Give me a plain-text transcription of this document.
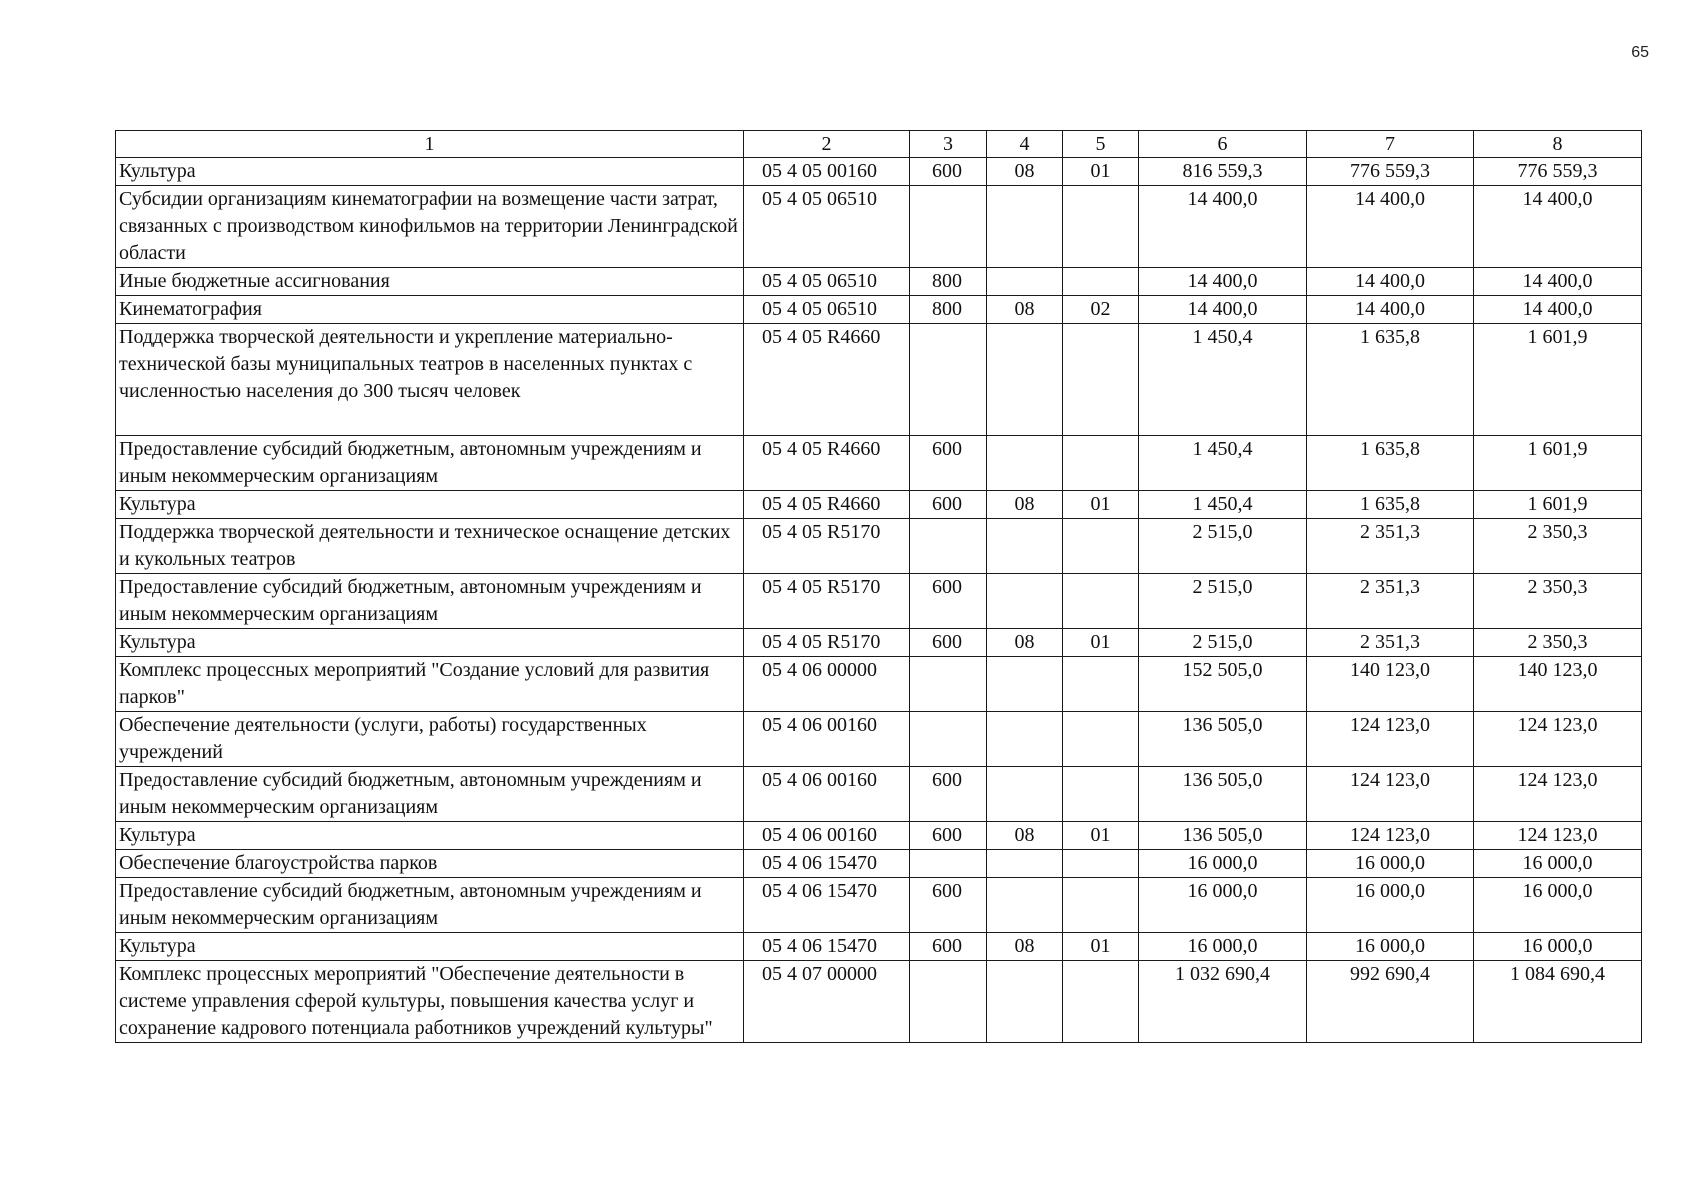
65
1	2	3	4	5	6	7	8
Культура	05 4 05 00160	600	08	01	816 559,3	776 559,3	776 559,3
Субсидии организациям кинематографии на возмещение части затрат, связанных с производством кинофильмов на территории Ленинградской области	05 4 05 06510				14 400,0	14 400,0	14 400,0
Иные бюджетные ассигнования	05 4 05 06510	800			14 400,0	14 400,0	14 400,0
Кинематография	05 4 05 06510	800	08	02	14 400,0	14 400,0	14 400,0
Поддержка творческой деятельности и укрепление материально-технической базы муниципальных театров в населенных пунктах с численностью населения до 300 тысяч человек	05 4 05 R4660				1 450,4	1 635,8	1 601,9
Предоставление субсидий бюджетным, автономным учреждениям и иным некоммерческим организациям	05 4 05 R4660	600			1 450,4	1 635,8	1 601,9
Культура	05 4 05 R4660	600	08	01	1 450,4	1 635,8	1 601,9
Поддержка творческой деятельности и техническое оснащение детских и кукольных театров	05 4 05 R5170				2 515,0	2 351,3	2 350,3
Предоставление субсидий бюджетным, автономным учреждениям и иным некоммерческим организациям	05 4 05 R5170	600			2 515,0	2 351,3	2 350,3
Культура	05 4 05 R5170	600	08	01	2 515,0	2 351,3	2 350,3
Комплекс процессных мероприятий "Создание условий для развития парков"	05 4 06 00000				152 505,0	140 123,0	140 123,0
Обеспечение деятельности (услуги, работы) государственных учреждений	05 4 06 00160				136 505,0	124 123,0	124 123,0
Предоставление субсидий бюджетным, автономным учреждениям и иным некоммерческим организациям	05 4 06 00160	600			136 505,0	124 123,0	124 123,0
Культура	05 4 06 00160	600	08	01	136 505,0	124 123,0	124 123,0
Обеспечение благоустройства парков	05 4 06 15470				16 000,0	16 000,0	16 000,0
Предоставление субсидий бюджетным, автономным учреждениям и иным некоммерческим организациям	05 4 06 15470	600			16 000,0	16 000,0	16 000,0
Культура	05 4 06 15470	600	08	01	16 000,0	16 000,0	16 000,0
Комплекс процессных мероприятий "Обеспечение деятельности в системе управления сферой культуры, повышения качества услуг и сохранение кадрового потенциала работников учреждений культуры"	05 4 07 00000				1 032 690,4	992 690,4	1 084 690,4
